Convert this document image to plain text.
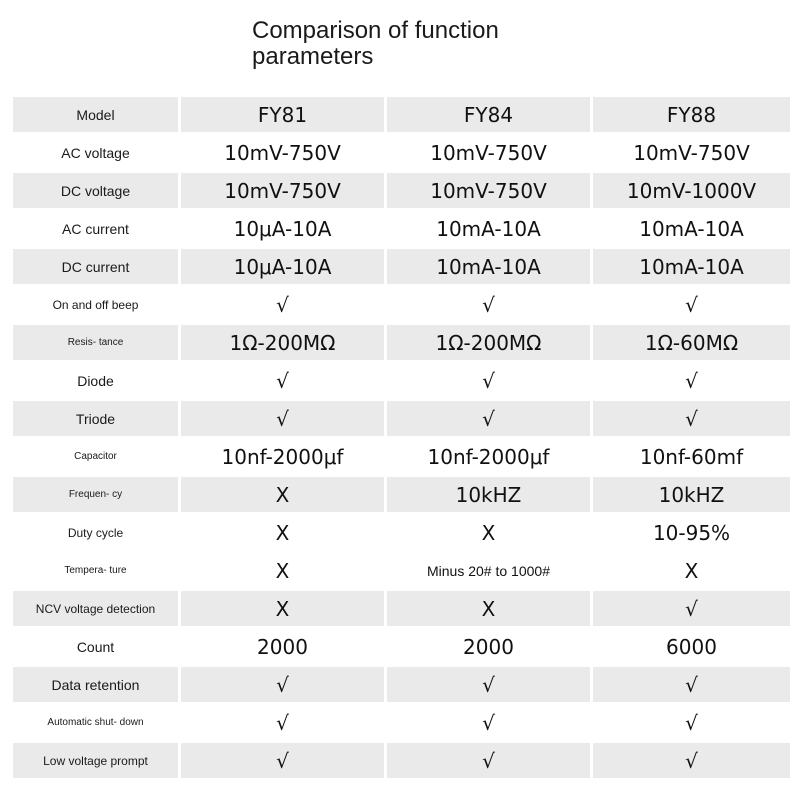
Comparison of function
parameters
Model	FY81	FY84	FY88
AC voltage	10mV-750V	10mV-750V	10mV-750V
DC voltage	10mV-750V	10mV-750V	10mV-1000V
AC current	10μA-10A	10mA-10A	10mA-10A
DC current	10μA-10A	10mA-10A	10mA-10A
On and off beep	√	√	√
Resis- tance	1Ω-200MΩ	1Ω-200MΩ	1Ω-60MΩ
Diode	√	√	√
Triode	√	√	√
Capacitor	10nf-2000μf	10nf-2000μf	10nf-60mf
Frequen- cy	X	10kHZ	10kHZ
Duty cycle	X	X	10-95%
Tempera- ture	X	Minus 20# to 1000#	X
NCV voltage detection	X	X	√
Count	2000	2000	6000
Data retention	√	√	√
Automatic shut- down	√	√	√
Low voltage prompt	√	√	√
